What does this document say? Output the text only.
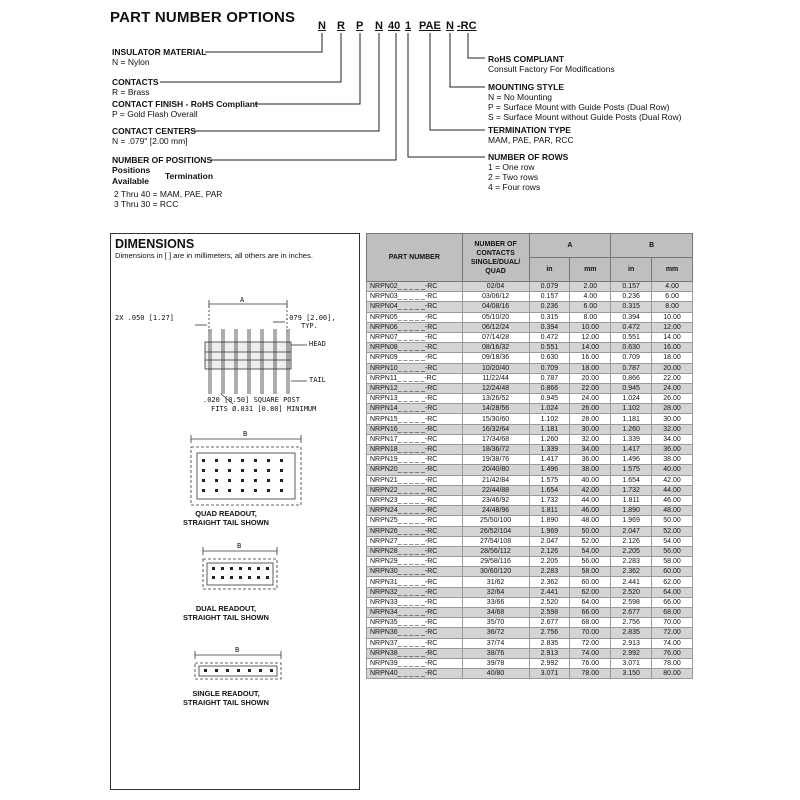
PART NUMBER OPTIONS N R P N 40 1 PAE N -RC
INSULATOR MATERIAL
N = Nylon
CONTACTS
R = Brass
CONTACT FINISH - RoHS Compliant
P = Gold Flash Overall
CONTACT CENTERS
N = .079" [2.00 mm]
NUMBER OF POSITIONS
Positions
Available Termination
2 Thru 40 = MAM, PAE, PAR
3 Thru 30 = RCC
RoHS COMPLIANT
Consult Factory For Modifications
MOUNTING STYLE
N = No Mounting
P = Surface Mount with Guide Posts (Dual Row)
S = Surface Mount without Guide Posts (Dual Row)
TERMINATION TYPE
MAM, PAE, PAR, RCC
NUMBER OF ROWS
1 = One row
2 = Two rows
4 = Four rows
DIMENSIONS
Dimensions in [ ] are in millimeters, all others are in inches.
A
2X .050 [1.27]	.079 [2.00],
TYP.
HEAD
TAIL
.020 [0.50] SQUARE POST
FITS Ø.031 [0.80] MINIMUM
B
QUAD READOUT,
STRAIGHT TAIL SHOWN
B
DUAL READOUT,
STRAIGHT TAIL SHOWN
B
SINGLE READOUT,
STRAIGHT TAIL SHOWN
PART NUMBER	NUMBER OF
CONTACTS
SINGLE/DUAL/
QUAD	A		B	
		in	mm	in	mm
NRPN02_ _ _ _ _-RC	02/04	0.079	2.00	0.157	4.00
NRPN03_ _ _ _ _-RC	03/06/12	0.157	4.00	0.236	6.00
NRPN04_ _ _ _ _-RC	04/08/16	0.236	6.00	0.315	8.00
NRPN05_ _ _ _ _-RC	05/10/20	0.315	8.00	0.394	10.00
NRPN06_ _ _ _ _-RC	06/12/24	0.394	10.00	0.472	12.00
NRPN07_ _ _ _ _-RC	07/14/28	0.472	12.00	0.551	14.00
NRPN08_ _ _ _ _-RC	08/16/32	0.551	14.00	0.630	16.00
NRPN09_ _ _ _ _-RC	09/18/36	0.630	16.00	0.709	18.00
NRPN10_ _ _ _ _-RC	10/20/40	0.709	18.00	0.787	20.00
NRPN11_ _ _ _ _-RC	11/22/44	0.787	20.00	0.866	22.00
NRPN12_ _ _ _ _-RC	12/24/48	0.866	22.00	0.945	24.00
NRPN13_ _ _ _ _-RC	13/26/52	0.945	24.00	1.024	26.00
NRPN14_ _ _ _ _-RC	14/28/56	1.024	26.00	1.102	28.00
NRPN15_ _ _ _ _-RC	15/30/60	1.102	28.00	1.181	30.00
NRPN16_ _ _ _ _-RC	16/32/64	1.181	30.00	1.260	32.00
NRPN17_ _ _ _ _-RC	17/34/68	1.260	32.00	1.339	34.00
NRPN18_ _ _ _ _-RC	18/36/72	1.339	34.00	1.417	36.00
NRPN19_ _ _ _ _-RC	19/38/76	1.417	36.00	1.496	38.00
NRPN20_ _ _ _ _-RC	20/40/80	1.496	38.00	1.575	40.00
NRPN21_ _ _ _ _-RC	21/42/84	1.575	40.00	1.654	42.00
NRPN22_ _ _ _ _-RC	22/44/88	1.654	42.00	1.732	44.00
NRPN23_ _ _ _ _-RC	23/46/92	1.732	44.00	1.811	46.00
NRPN24_ _ _ _ _-RC	24/48/96	1.811	46.00	1.890	48.00
NRPN25_ _ _ _ _-RC	25/50/100	1.890	48.00	1.969	50.00
NRPN26_ _ _ _ _-RC	26/52/104	1.969	50.00	2.047	52.00
NRPN27_ _ _ _ _-RC	27/54/108	2.047	52.00	2.126	54.00
NRPN28_ _ _ _ _-RC	28/56/112	2.126	54.00	2.205	56.00
NRPN29_ _ _ _ _-RC	29/58/116	2.205	56.00	2.283	58.00
NRPN30_ _ _ _ _-RC	30/60/120	2.283	58.00	2.362	60.00
NRPN31_ _ _ _ _-RC	31/62	2.362	60.00	2.441	62.00
NRPN32_ _ _ _ _-RC	32/64	2.441	62.00	2.520	64.00
NRPN33_ _ _ _ _-RC	33/66	2.520	64.00	2.598	66.00
NRPN34_ _ _ _ _-RC	34/68	2.598	66.00	2.677	68.00
NRPN35_ _ _ _ _-RC	35/70	2.677	68.00	2.756	70.00
NRPN36_ _ _ _ _-RC	36/72	2.756	70.00	2.835	72.00
NRPN37_ _ _ _ _-RC	37/74	2.835	72.00	2.913	74.00
NRPN38_ _ _ _ _-RC	38/76	2.913	74.00	2.992	76.00
NRPN39_ _ _ _ _-RC	39/78	2.992	76.00	3.071	78.00
NRPN40_ _ _ _ _-RC	40/80	3.071	78.00	3.150	80.00
